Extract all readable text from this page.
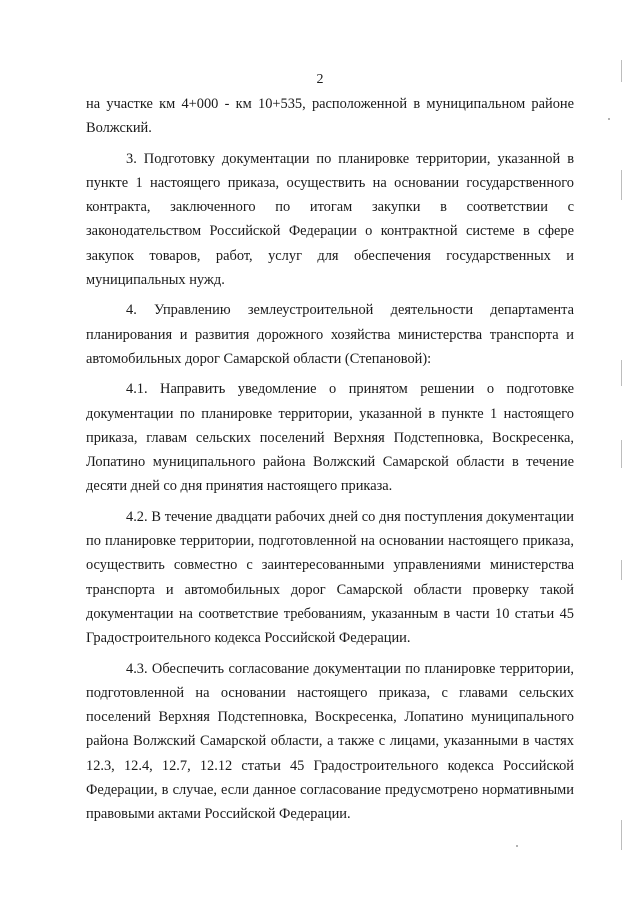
2

на участке км 4+000 - км 10+535, расположенной в муниципальном районе Волжский.

3. Подготовку документации по планировке территории, указанной в пункте 1 настоящего приказа, осуществить на основании государственного контракта, заключенного по итогам закупки в соответствии с законодательством Российской Федерации о контрактной системе в сфере закупок товаров, работ, услуг для обеспечения государственных и муниципальных нужд.

4. Управлению землеустроительной деятельности департамента планирования и развития дорожного хозяйства министерства транспорта и автомобильных дорог Самарской области (Степановой):

4.1. Направить уведомление о принятом решении о подготовке документации по планировке территории, указанной в пункте 1 настоящего приказа, главам сельских поселений Верхняя Подстепновка, Воскресенка, Лопатино муниципального района Волжский Самарской области в течение десяти дней со дня принятия настоящего приказа.

4.2. В течение двадцати рабочих дней со дня поступления документации по планировке территории, подготовленной на основании настоящего приказа, осуществить совместно с заинтересованными управлениями министерства транспорта и автомобильных дорог Самарской области проверку такой документации на соответствие требованиям, указанным в части 10 статьи 45 Градостроительного кодекса Российской Федерации.

4.3. Обеспечить согласование документации по планировке территории, подготовленной на основании настоящего приказа, с главами сельских поселений Верхняя Подстепновка, Воскресенка, Лопатино муниципального района Волжский Самарской области, а также с лицами, указанными в частях 12.3, 12.4, 12.7, 12.12 статьи 45 Градостроительного кодекса Российской Федерации, в случае, если данное согласование предусмотрено нормативными правовыми актами Российской Федерации.
